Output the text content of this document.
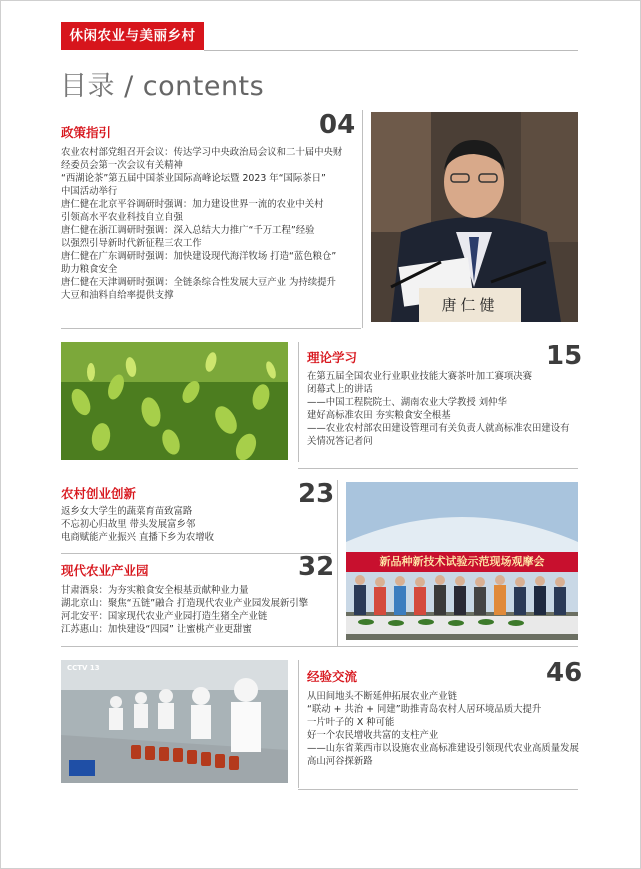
休闲农业与美丽乡村
目录 / contents
政策指引	04
农业农村部党组召开会议：传达学习中央政治局会议和二十届中央财
经委员会第一次会议有关精神
“西湖论茶”第五届中国茶业国际高峰论坛暨 2023 年“国际茶日”
中国活动举行
唐仁健在北京平谷调研时强调：加力建设世界一流的农业中关村
引领高水平农业科技自立自强
唐仁健在浙江调研时强调：深入总结大力推广“千万工程”经验
以强烈引导新时代新征程三农工作
唐仁健在广东调研时强调：加快建设现代海洋牧场 打造“蓝色粮仓”
助力粮食安全
唐仁健在天津调研时强调：全链条综合性发展大豆产业 为持续提升
大豆和油料自给率提供支撑
唐仁健
理论学习	15
在第五届全国农业行业职业技能大赛茶叶加工赛项决赛
闭幕式上的讲话
——中国工程院院士、湖南农业大学教授 刘仲华
建好高标准农田 夯实粮食安全根基
——农业农村部农田建设管理司有关负责人就高标准农田建设有
关情况答记者问
农村创业创新	23
返乡女大学生的蔬菜育苗致富路
不忘初心归故里 带头发展富乡邻
电商赋能产业振兴 直播下乡为农增收
现代农业产业园	32
甘肃酒泉：为夯实粮食安全根基贡献种业力量
湖北京山：聚焦“五链”融合 打造现代农业产业园发展新引擎
河北安平：国家现代农业产业园打造生猪全产业链
江苏惠山：加快建设“四园” 让蜜桃产业更甜蜜
新品种新技术试验示范现场观摩会
CCTV 13
经验交流	46
从田间地头不断延伸拓展农业产业链
“联动 + 共治 + 同建”助推青岛农村人居环境品质大提升
一片叶子的 X 种可能
好一个农民增收共富的支柱产业
——山东省莱西市以设施农业高标准建设引领现代农业高质量发展
高山河谷探新路
